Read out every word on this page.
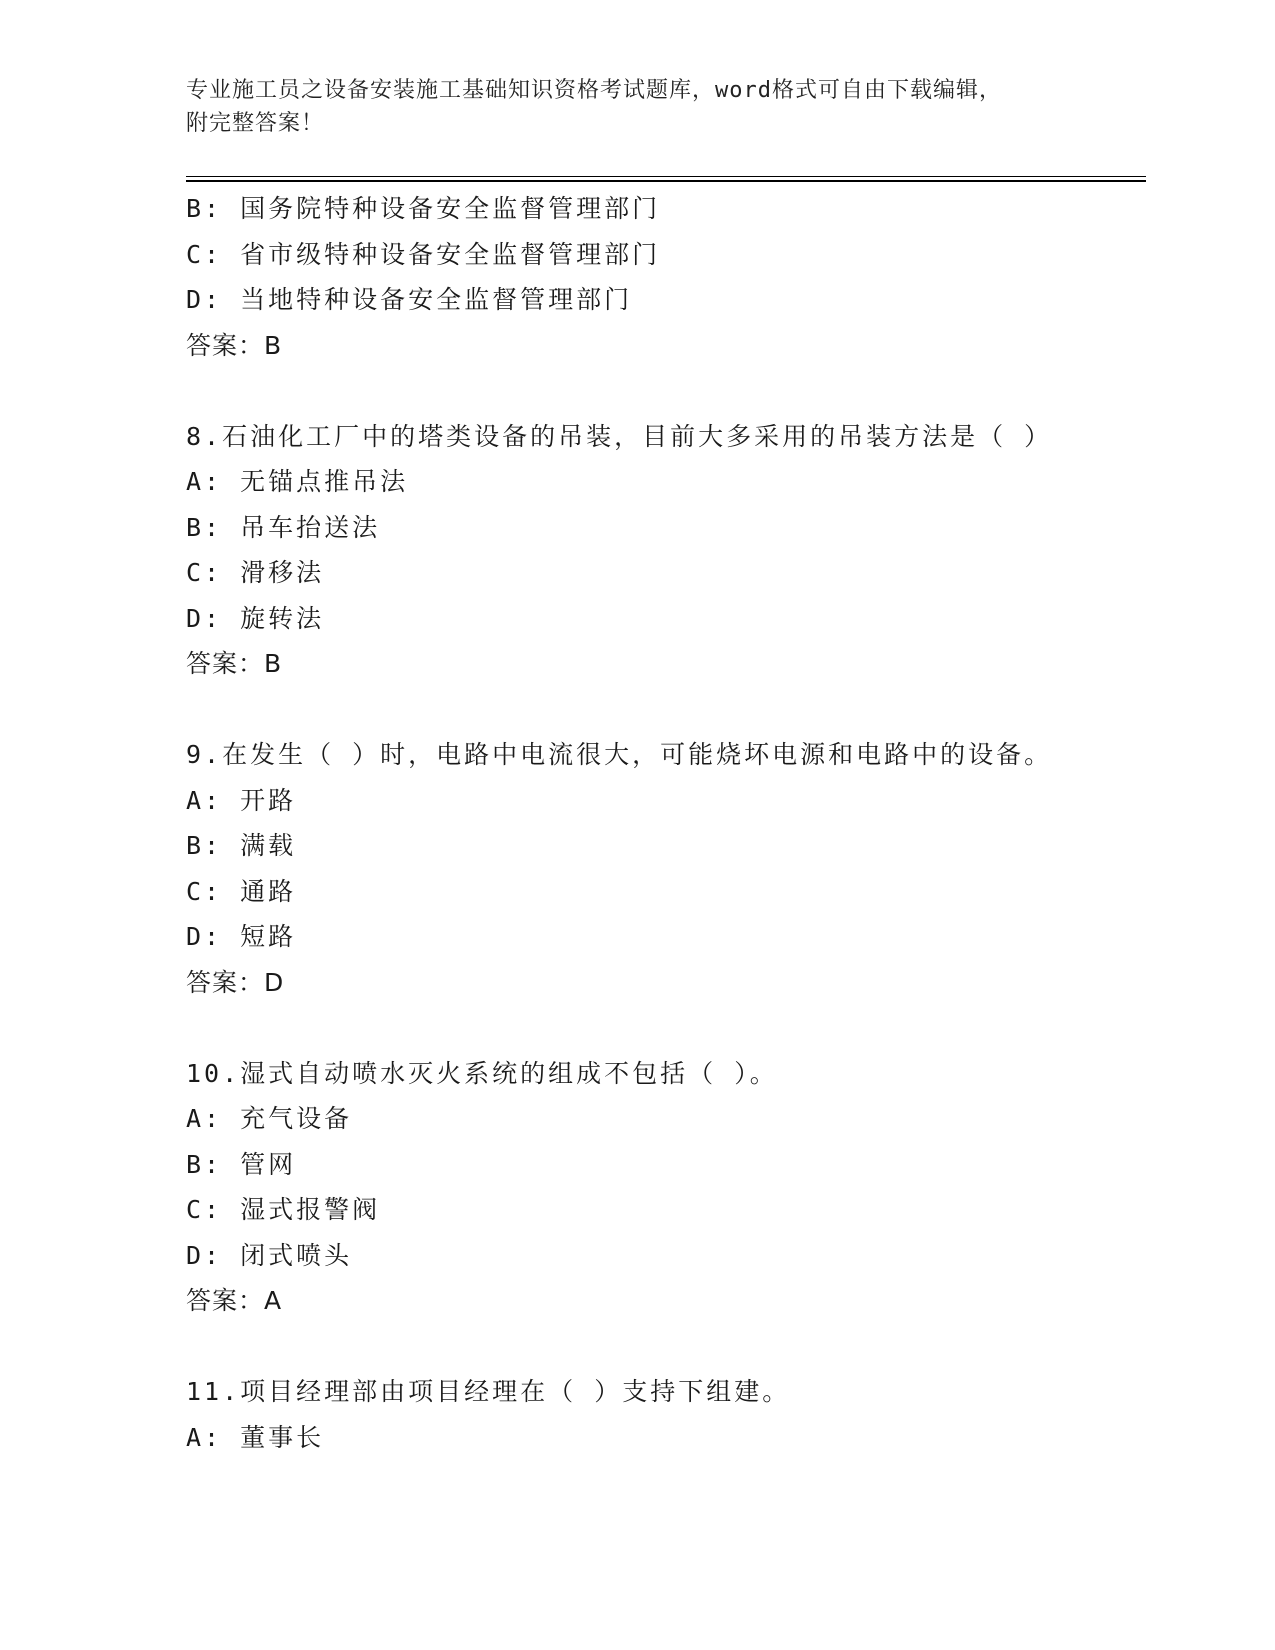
专业施工员之设备安装施工基础知识资格考试题库，word格式可自由下载编辑，
附完整答案！
B: 国务院特种设备安全监督管理部门
C: 省市级特种设备安全监督管理部门
D: 当地特种设备安全监督管理部门
答案：B
8.石油化工厂中的塔类设备的吊装，目前大多采用的吊装方法是（ ）
A: 无锚点推吊法
B: 吊车抬送法
C: 滑移法
D: 旋转法
答案：B
9.在发生（ ）时，电路中电流很大，可能烧坏电源和电路中的设备。
A: 开路
B: 满载
C: 通路
D: 短路
答案：D
10.湿式自动喷水灭火系统的组成不包括（ ）。
A: 充气设备
B: 管网
C: 湿式报警阀
D: 闭式喷头
答案：A
11.项目经理部由项目经理在（ ）支持下组建。
A: 董事长
